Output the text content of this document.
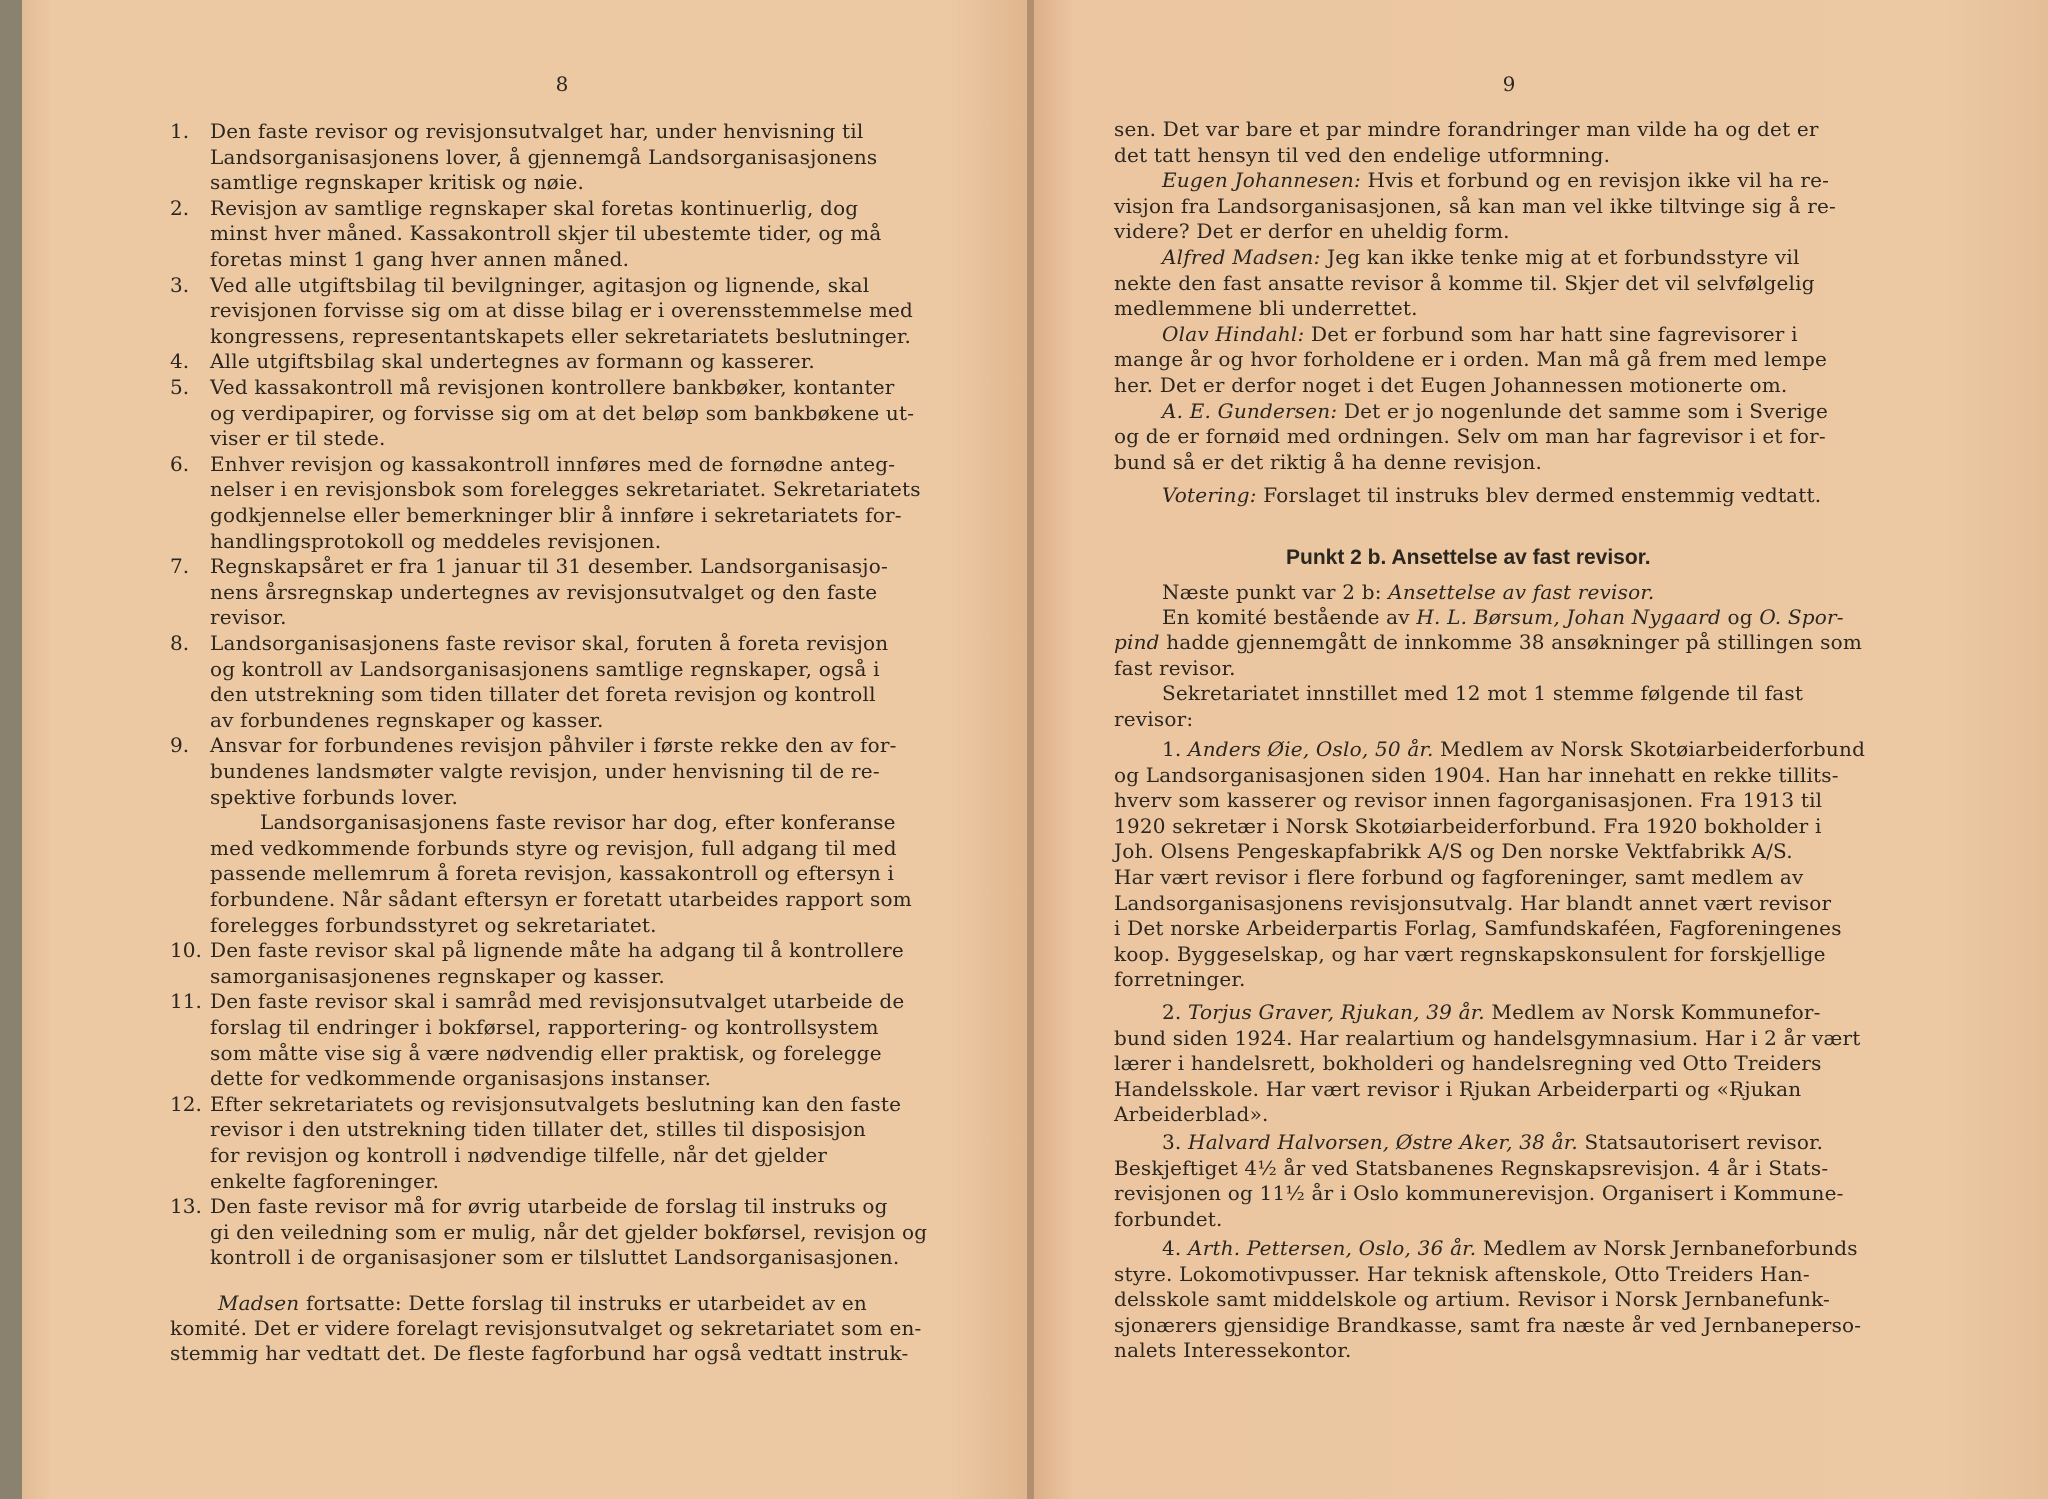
8
1. Den faste revisor og revisjonsutvalget har, under henvisning til
Landsorganisasjonens lover, å gjennemgå Landsorganisasjonens
samtlige regnskaper kritisk og nøie.
2. Revisjon av samtlige regnskaper skal foretas kontinuerlig, dog
minst hver måned. Kassakontroll skjer til ubestemte tider, og må
foretas minst 1 gang hver annen måned.
3. Ved alle utgiftsbilag til bevilgninger, agitasjon og lignende, skal
revisjonen forvisse sig om at disse bilag er i overensstemmelse med
kongressens, representantskapets eller sekretariatets beslutninger.
4. Alle utgiftsbilag skal undertegnes av formann og kasserer.
5. Ved kassakontroll må revisjonen kontrollere bankbøker, kontanter
og verdipapirer, og forvisse sig om at det beløp som bankbøkene ut-
viser er til stede.
6. Enhver revisjon og kassakontroll innføres med de fornødne anteg-
nelser i en revisjonsbok som forelegges sekretariatet. Sekretariatets
godkjennelse eller bemerkninger blir å innføre i sekretariatets for-
handlingsprotokoll og meddeles revisjonen.
7. Regnskapsåret er fra 1 januar til 31 desember. Landsorganisasjo-
nens årsregnskap undertegnes av revisjonsutvalget og den faste
revisor.
8. Landsorganisasjonens faste revisor skal, foruten å foreta revisjon
og kontroll av Landsorganisasjonens samtlige regnskaper, også i
den utstrekning som tiden tillater det foreta revisjon og kontroll
av forbundenes regnskaper og kasser.
9. Ansvar for forbundenes revisjon påhviler i første rekke den av for-
bundenes landsmøter valgte revisjon, under henvisning til de re-
spektive forbunds lover.
Landsorganisasjonens faste revisor har dog, efter konferanse
med vedkommende forbunds styre og revisjon, full adgang til med
passende mellemrum å foreta revisjon, kassakontroll og eftersyn i
forbundene. Når sådant eftersyn er foretatt utarbeides rapport som
forelegges forbundsstyret og sekretariatet.
10. Den faste revisor skal på lignende måte ha adgang til å kontrollere
samorganisasjonenes regnskaper og kasser.
11. Den faste revisor skal i samråd med revisjonsutvalget utarbeide de
forslag til endringer i bokførsel, rapportering- og kontrollsystem
som måtte vise sig å være nødvendig eller praktisk, og forelegge
dette for vedkommende organisasjons instanser.
12. Efter sekretariatets og revisjonsutvalgets beslutning kan den faste
revisor i den utstrekning tiden tillater det, stilles til disposisjon
for revisjon og kontroll i nødvendige tilfelle, når det gjelder
enkelte fagforeninger.
13. Den faste revisor må for øvrig utarbeide de forslag til instruks og
gi den veiledning som er mulig, når det gjelder bokførsel, revisjon og
kontroll i de organisasjoner som er tilsluttet Landsorganisasjonen.
Madsen fortsatte: Dette forslag til instruks er utarbeidet av en
komité. Det er videre forelagt revisjonsutvalget og sekretariatet som en-
stemmig har vedtatt det. De fleste fagforbund har også vedtatt instruk-
9
sen. Det var bare et par mindre forandringer man vilde ha og det er
det tatt hensyn til ved den endelige utformning.
Eugen Johannesen: Hvis et forbund og en revisjon ikke vil ha re-
visjon fra Landsorganisasjonen, så kan man vel ikke tiltvinge sig å re-
videre? Det er derfor en uheldig form.
Alfred Madsen: Jeg kan ikke tenke mig at et forbundsstyre vil
nekte den fast ansatte revisor å komme til. Skjer det vil selvfølgelig
medlemmene bli underrettet.
Olav Hindahl: Det er forbund som har hatt sine fagrevisorer i
mange år og hvor forholdene er i orden. Man må gå frem med lempe
her. Det er derfor noget i det Eugen Johannessen motionerte om.
A. E. Gundersen: Det er jo nogenlunde det samme som i Sverige
og de er fornøid med ordningen. Selv om man har fagrevisor i et for-
bund så er det riktig å ha denne revisjon.
Votering: Forslaget til instruks blev dermed enstemmig vedtatt.
Punkt 2 b. Ansettelse av fast revisor.
Næste punkt var 2 b: Ansettelse av fast revisor.
En komité bestående av H. L. Børsum, Johan Nygaard og O. Spor-
pind hadde gjennemgått de innkomme 38 ansøkninger på stillingen som
fast revisor.
Sekretariatet innstillet med 12 mot 1 stemme følgende til fast
revisor:
1. Anders Øie, Oslo, 50 år. Medlem av Norsk Skotøiarbeiderforbund
og Landsorganisasjonen siden 1904. Han har innehatt en rekke tillits-
hverv som kasserer og revisor innen fagorganisasjonen. Fra 1913 til
1920 sekretær i Norsk Skotøiarbeiderforbund. Fra 1920 bokholder i
Joh. Olsens Pengeskapfabrikk A/S og Den norske Vektfabrikk A/S.
Har vært revisor i flere forbund og fagforeninger, samt medlem av
Landsorganisasjonens revisjonsutvalg. Har blandt annet vært revisor
i Det norske Arbeiderpartis Forlag, Samfundskaféen, Fagforeningenes
koop. Byggeselskap, og har vært regnskapskonsulent for forskjellige
forretninger.
2. Torjus Graver, Rjukan, 39 år. Medlem av Norsk Kommunefor-
bund siden 1924. Har realartium og handelsgymnasium. Har i 2 år vært
lærer i handelsrett, bokholderi og handelsregning ved Otto Treiders
Handelsskole. Har vært revisor i Rjukan Arbeiderparti og «Rjukan
Arbeiderblad».
3. Halvard Halvorsen, Østre Aker, 38 år. Statsautorisert revisor.
Beskjeftiget 4½ år ved Statsbanenes Regnskapsrevisjon. 4 år i Stats-
revisjonen og 11½ år i Oslo kommunerevisjon. Organisert i Kommune-
forbundet.
4. Arth. Pettersen, Oslo, 36 år. Medlem av Norsk Jernbaneforbunds
styre. Lokomotivpusser. Har teknisk aftenskole, Otto Treiders Han-
delsskole samt middelskole og artium. Revisor i Norsk Jernbanefunk-
sjonærers gjensidige Brandkasse, samt fra næste år ved Jernbaneperso-
nalets Interessekontor.
